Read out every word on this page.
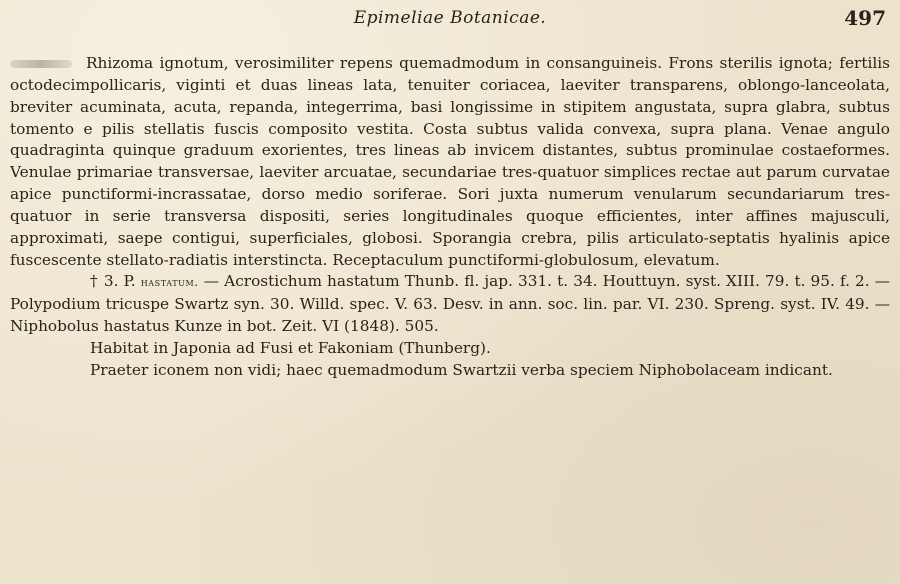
Epimeliae Botanicae.	497

Rhizoma ignotum, verosimiliter repens quemadmodum in consanguineis. Frons sterilis ignota; fertilis octodecimpollicaris, viginti et duas lineas lata, tenuiter coriacea, laeviter transparens, oblongo-lanceolata, breviter acuminata, acuta, repanda, integerrima, basi longissime in stipitem angustata, supra glabra, subtus tomento e pilis stellatis fuscis composito vestita. Costa subtus valida convexa, supra plana. Venae angulo quadraginta quinque graduum exorientes, tres lineas ab invicem distantes, subtus prominulae costaeformes. Venulae primariae transversae, laeviter arcuatae, secundariae tres-quatuor simplices rectae aut parum curvatae apice punctiformi-incrassatae, dorso medio soriferae. Sori juxta numerum venularum secundariarum tres-quatuor in serie transversa dispositi, series longitudinales quoque efficientes, inter affines majusculi, approximati, saepe contigui, superficiales, globosi. Sporangia crebra, pilis articulato-septatis hyalinis apice fuscescente stellato-radiatis interstincta. Receptaculum punctiformi-globulosum, elevatum.

† 3. P. hastatum. — Acrostichum hastatum Thunb. fl. jap. 331. t. 34. Houttuyn. syst. XIII. 79. t. 95. f. 2. — Polypodium tricuspe Swartz syn. 30. Willd. spec. V. 63. Desv. in ann. soc. lin. par. VI. 230. Spreng. syst. IV. 49. — Niphobolus hastatus Kunze in bot. Zeit. VI (1848). 505.

Habitat in Japonia ad Fusi et Fakoniam (Thunberg).

Praeter iconem non vidi; haec quemadmodum Swartzii verba speciem Niphobolaceam indicant.
